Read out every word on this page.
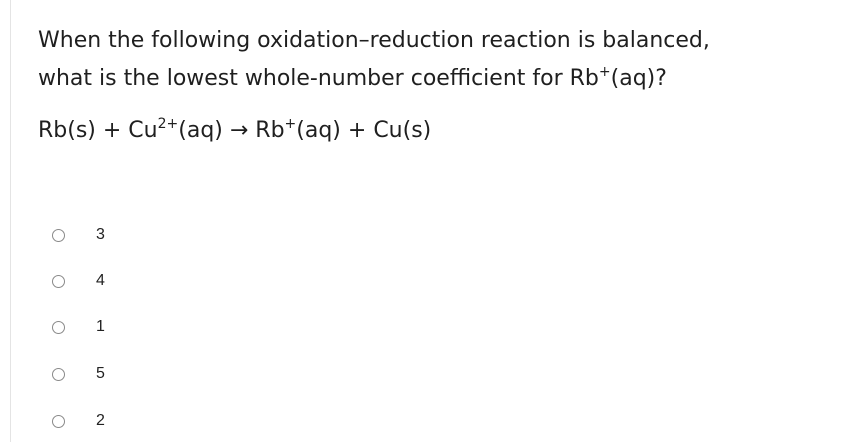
When the following oxidation–reduction reaction is balanced,
what is the lowest whole-number coefficient for Rb+(aq)?
$Rb(s) + Cu^{2+}(aq) \to Rb^+(aq) + Cu(s)$
3
4
1
5
2
